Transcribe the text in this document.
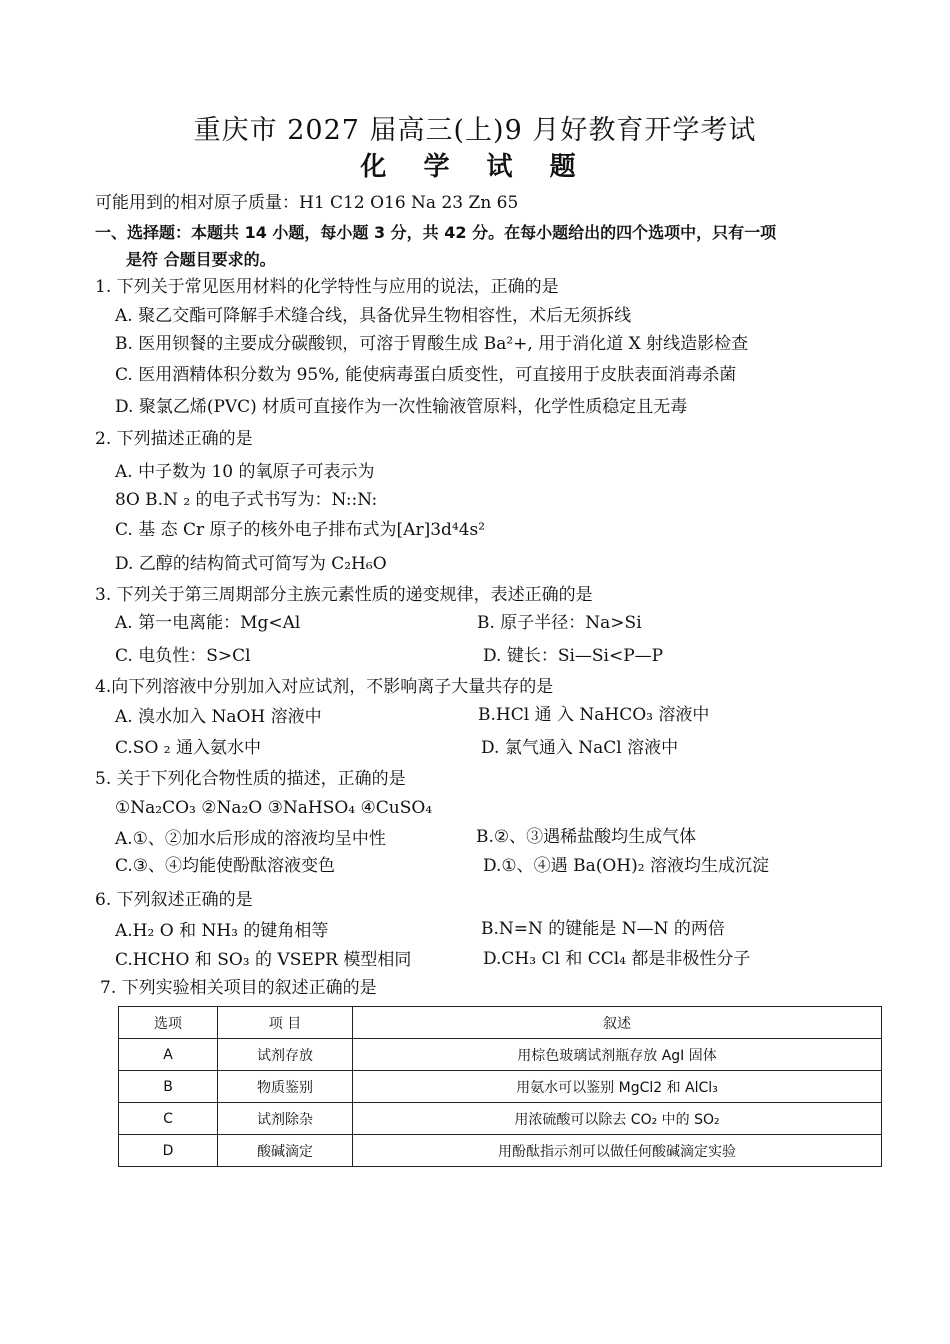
重庆市 2027 届高三(上)9 月好教育开学考试
化 学 试 题
可能用到的相对原子质量：H1 C12 O16 Na 23 Zn 65
一、选择题：本题共 14 小题，每小题 3 分，共 42 分。在每小题给出的四个选项中，只有一项
是符 合题目要求的。
1. 下列关于常见医用材料的化学特性与应用的说法，正确的是
A. 聚乙交酯可降解手术缝合线，具备优异生物相容性，术后无须拆线
B. 医用钡餐的主要成分碳酸钡，可溶于胃酸生成 Ba²+, 用于消化道 X 射线造影检查
C. 医用酒精体积分数为 95%, 能使病毒蛋白质变性，可直接用于皮肤表面消毒杀菌
D. 聚氯乙烯(PVC) 材质可直接作为一次性输液管原料，化学性质稳定且无毒
2. 下列描述正确的是
A. 中子数为 10 的氧原子可表示为
8O B.N ₂ 的电子式书写为：N::N:
C. 基 态 Cr 原子的核外电子排布式为[Ar]3d⁴4s²
D. 乙醇的结构简式可简写为 C₂H₆O
3. 下列关于第三周期部分主族元素性质的递变规律，表述正确的是
A. 第一电离能：Mg<Al	B. 原子半径：Na>Si
C. 电负性：S>Cl	D. 键长：Si—Si<P—P
4.向下列溶液中分别加入对应试剂，不影响离子大量共存的是
A. 溴水加入 NaOH 溶液中	B.HCl 通 入 NaHCO₃ 溶液中
C.SO ₂ 通入氨水中	D. 氯气通入 NaCl 溶液中
5. 关于下列化合物性质的描述，正确的是
①Na₂CO₃ ②Na₂O ③NaHSO₄ ④CuSO₄
A.①、②加水后形成的溶液均呈中性	B.②、③遇稀盐酸均生成气体
C.③、④均能使酚酞溶液变色	D.①、④遇 Ba(OH)₂ 溶液均生成沉淀
6. 下列叙述正确的是
A.H₂ O 和 NH₃ 的键角相等	B.N=N 的键能是 N—N 的两倍
C.HCHO 和 SO₃ 的 VSEPR 模型相同	D.CH₃ Cl 和 CCl₄ 都是非极性分子
7. 下列实验相关项目的叙述正确的是
选项	项 目	叙述
A	试剂存放	用棕色玻璃试剂瓶存放 AgI 固体
B	物质鉴别	用氨水可以鉴别 MgCl2 和 AlCl₃
C	试剂除杂	用浓硫酸可以除去 CO₂ 中的 SO₂
D	酸碱滴定	用酚酞指示剂可以做任何酸碱滴定实验
